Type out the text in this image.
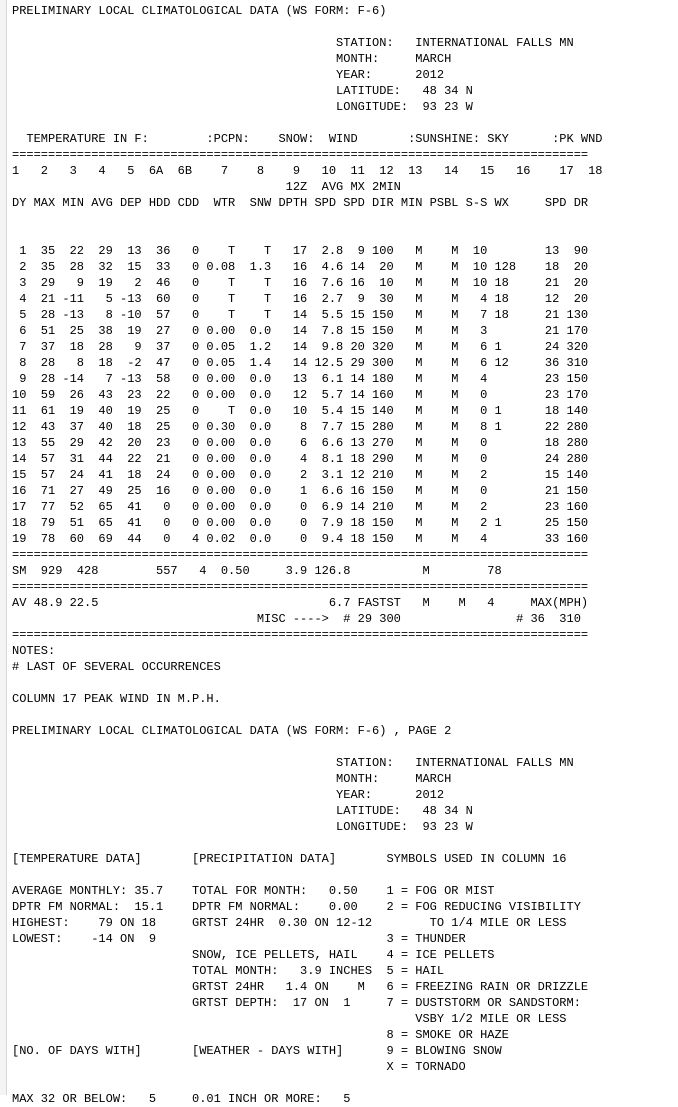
PRELIMINARY LOCAL CLIMATOLOGICAL DATA (WS FORM: F-6)

STATION:   INTERNATIONAL FALLS MN
MONTH:     MARCH
YEAR:      2012
LATITUDE:   48 34 N
LONGITUDE:  93 23 W

TEMPERATURE IN F:        :PCPN:    SNOW:  WIND       :SUNSHINE: SKY      :PK WND
================================================================================
1   2   3   4   5  6A  6B    7    8    9   10  11  12  13   14   15   16    17  18
12Z  AVG MX 2MIN
DY MAX MIN AVG DEP HDD CDD  WTR  SNW DPTH SPD SPD DIR MIN PSBL S-S WX     SPD DR

1  35  22  29  13  36   0    T    T   17  2.8  9 100   M    M  10        13  90
2  35  28  32  15  33   0 0.08  1.3   16  4.6 14  20   M    M  10 128    18  20
3  29   9  19   2  46   0    T    T   16  7.6 16  10   M    M  10 18     21  20
4  21 -11   5 -13  60   0    T    T   16  2.7  9  30   M    M   4 18     12  20
5  28 -13   8 -10  57   0    T    T   14  5.5 15 150   M    M   7 18     21 130
6  51  25  38  19  27   0 0.00  0.0   14  7.8 15 150   M    M   3        21 170
7  37  18  28   9  37   0 0.05  1.2   14  9.8 20 320   M    M   6 1      24 320
8  28   8  18  -2  47   0 0.05  1.4   14 12.5 29 300   M    M   6 12     36 310
9  28 -14   7 -13  58   0 0.00  0.0   13  6.1 14 180   M    M   4        23 150
10  59  26  43  23  22   0 0.00  0.0   12  5.7 14 160   M    M   0        23 170
11  61  19  40  19  25   0    T  0.0   10  5.4 15 140   M    M   0 1      18 140
12  43  37  40  18  25   0 0.30  0.0    8  7.7 15 280   M    M   8 1      22 280
13  55  29  42  20  23   0 0.00  0.0    6  6.6 13 270   M    M   0        18 280
14  57  31  44  22  21   0 0.00  0.0    4  8.1 18 290   M    M   0        24 280
15  57  24  41  18  24   0 0.00  0.0    2  3.1 12 210   M    M   2        15 140
16  71  27  49  25  16   0 0.00  0.0    1  6.6 16 150   M    M   0        21 150
17  77  52  65  41   0   0 0.00  0.0    0  6.9 14 210   M    M   2        23 160
18  79  51  65  41   0   0 0.00  0.0    0  7.9 18 150   M    M   2 1      25 150
19  78  60  69  44   0   4 0.02  0.0    0  9.4 18 150   M    M   4        33 160
================================================================================
SM  929  428        557   4  0.50     3.9 126.8          M        78
================================================================================
AV 48.9 22.5                                6.7 FASTST   M    M   4     MAX(MPH)
MISC ---->  # 29 300                # 36  310
================================================================================
NOTES:
# LAST OF SEVERAL OCCURRENCES

COLUMN 17 PEAK WIND IN M.P.H.

PRELIMINARY LOCAL CLIMATOLOGICAL DATA (WS FORM: F-6) , PAGE 2

STATION:   INTERNATIONAL FALLS MN
MONTH:     MARCH
YEAR:      2012
LATITUDE:   48 34 N
LONGITUDE:  93 23 W

[TEMPERATURE DATA]       [PRECIPITATION DATA]       SYMBOLS USED IN COLUMN 16

AVERAGE MONTHLY: 35.7    TOTAL FOR MONTH:   0.50    1 = FOG OR MIST
DPTR FM NORMAL:  15.1    DPTR FM NORMAL:    0.00    2 = FOG REDUCING VISIBILITY
HIGHEST:    79 ON 18     GRTST 24HR  0.30 ON 12-12        TO 1/4 MILE OR LESS
LOWEST:    -14 ON  9                                3 = THUNDER
SNOW, ICE PELLETS, HAIL    4 = ICE PELLETS
TOTAL MONTH:   3.9 INCHES  5 = HAIL
GRTST 24HR   1.4 ON    M   6 = FREEZING RAIN OR DRIZZLE
GRTST DEPTH:  17 ON  1     7 = DUSTSTORM OR SANDSTORM:
VSBY 1/2 MILE OR LESS
8 = SMOKE OR HAZE
[NO. OF DAYS WITH]       [WEATHER - DAYS WITH]      9 = BLOWING SNOW
X = TORNADO

MAX 32 OR BELOW:   5     0.01 INCH OR MORE:   5
